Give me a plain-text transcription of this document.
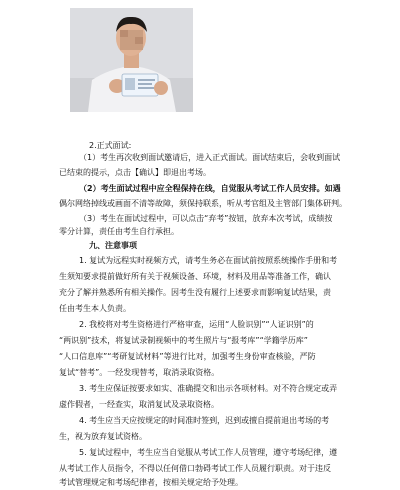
2.正式面试:

（1）考生再次收到面试邀请后，进入正式面试。面试结束后，会收到面试

已结束的提示，点击【确认】即退出考场。

（2）考生面试过程中应全程保持在线，自觉服从考试工作人员安排。如遇

偶尔网络掉线或画面不清等故障，须保持联系，听从考官组及主管部门集体研判。

（3）考生在面试过程中，可以点击“弃考”按钮，放弃本次考试，成绩按

零分计算，责任由考生自行承担。

九、注意事项

1. 复试为远程实时视频方式，请考生务必在面试前按照系统操作手册和考

生须知要求提前做好所有关于视频设备、环境，材料及用品等准备工作，确认

充分了解并熟悉所有相关操作。因考生没有履行上述要求而影响复试结果，责

任由考生本人负责。

2. 我校将对考生资格进行严格审查，运用“人脸识别”“人证识别”的

“两识别”技术，将复试录制视频中的考生照片与“报考库”“学籍学历库”

“人口信息库”“考研复试材料”等进行比对，加强考生身份审查核验，严防

复试“替考”。一经发现替考，取消录取资格。

3. 考生应保证按要求如实、准确提交和出示各项材料。对不符合规定或弄

虚作假者，一经查实，取消复试及录取资格。

4. 考生应当天应按规定的时间准时签到，迟到或擅自提前退出考场的考

生，视为放弃复试资格。

5. 复试过程中，考生应当自觉服从考试工作人员管理，遵守考场纪律，遵

从考试工作人员指令，不得以任何借口勃碍考试工作人员履行职责。对于违反

考试管理规定和考场纪律者，按相关规定给予处理。
